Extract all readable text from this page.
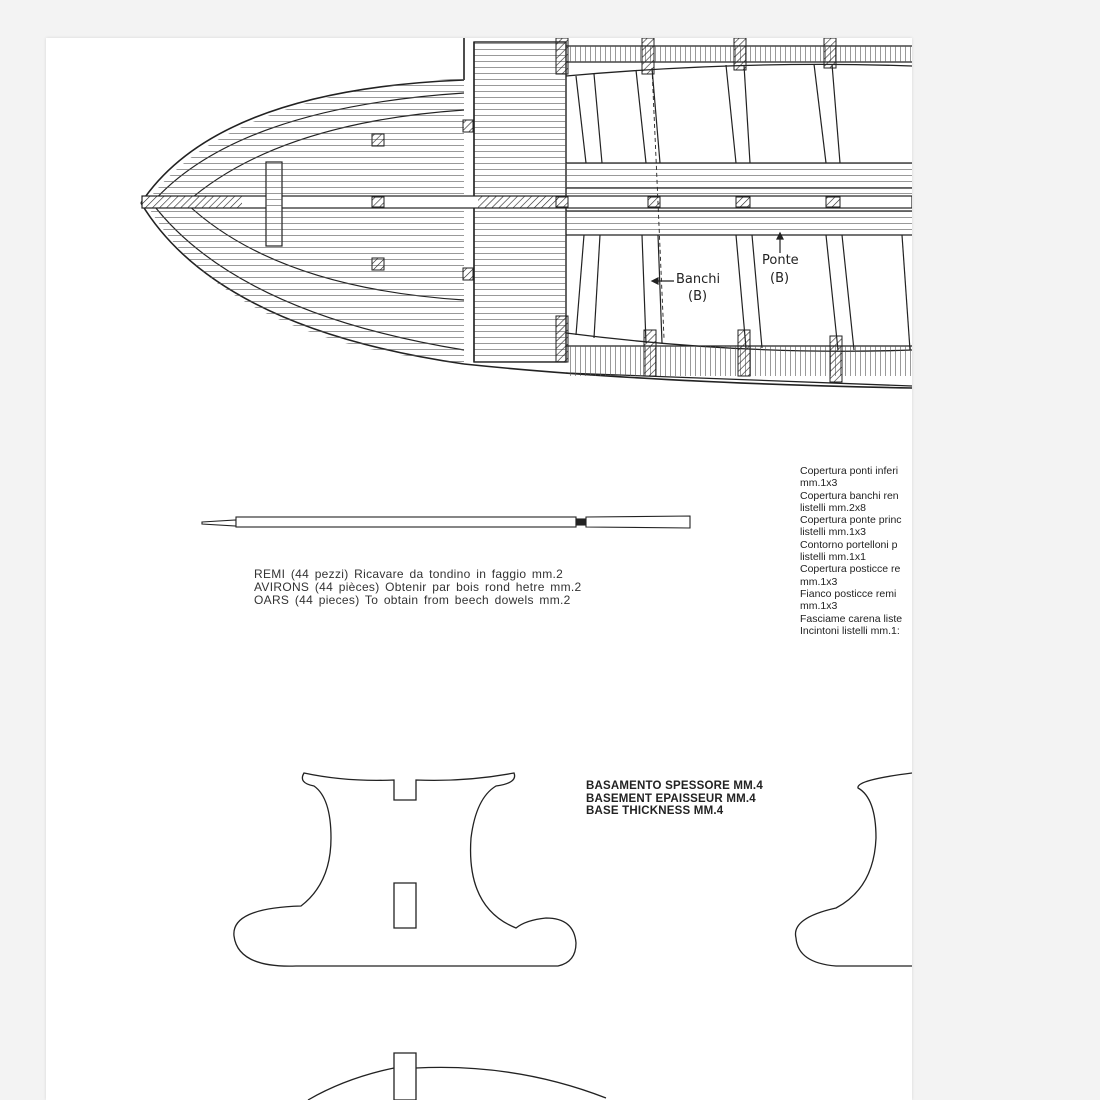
Banchi
(B)
Ponte
(B)
REMI (44 pezzi) Ricavare da tondino in faggio mm.2
AVIRONS (44 pièces) Obtenir par bois rond hetre mm.2
OARS (44 pieces) To obtain from beech dowels mm.2
Copertura ponti inferi
mm.1x3
Copertura banchi ren
listelli mm.2x8
Copertura ponte princ
listelli mm.1x3
Contorno portelloni p
listelli mm.1x1
Copertura posticce re
mm.1x3
Fianco posticce remi
mm.1x3
Fasciame carena liste
Incintoni listelli mm.1:
BASAMENTO SPESSORE MM.4
BASEMENT EPAISSEUR MM.4
BASE THICKNESS MM.4
